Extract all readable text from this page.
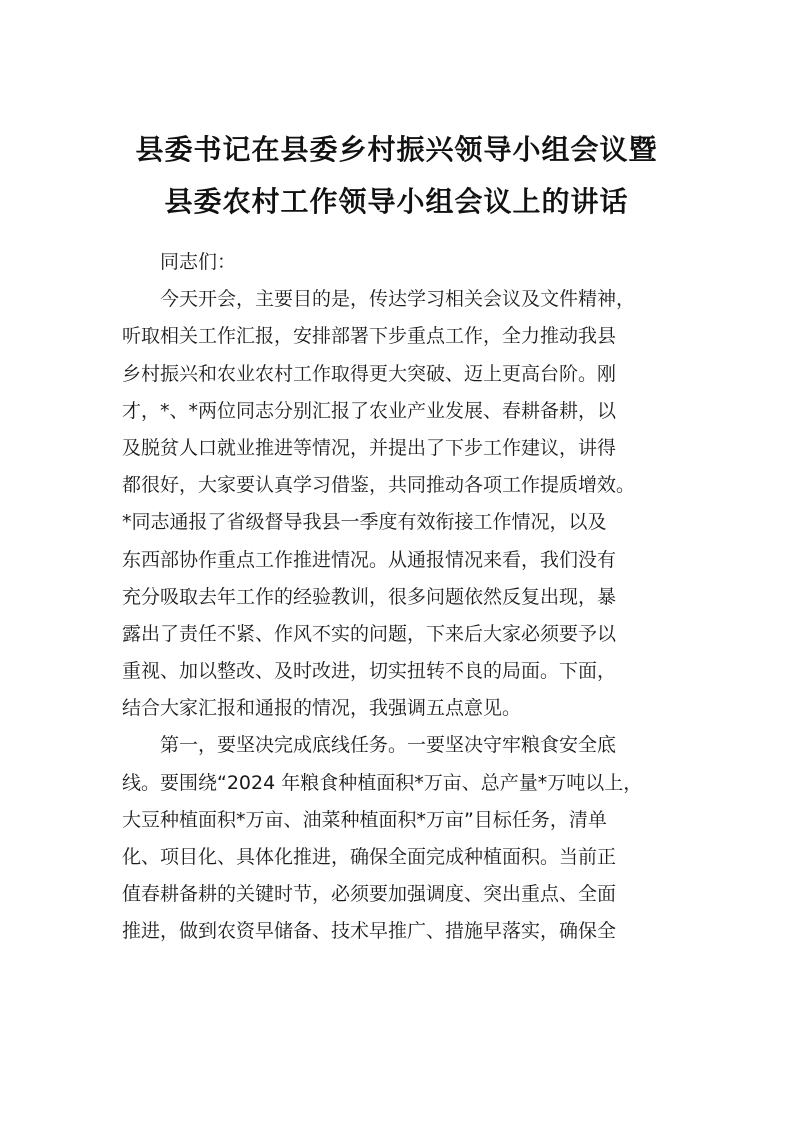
县委书记在县委乡村振兴领导小组会议暨
县委农村工作领导小组会议上的讲话
　　同志们：
　　今天开会，主要目的是，传达学习相关会议及文件精神，
听取相关工作汇报，安排部署下步重点工作，全力推动我县
乡村振兴和农业农村工作取得更大突破、迈上更高台阶。刚
才，*、*两位同志分别汇报了农业产业发展、春耕备耕，以
及脱贫人口就业推进等情况，并提出了下步工作建议，讲得
都很好，大家要认真学习借鉴，共同推动各项工作提质增效。
*同志通报了省级督导我县一季度有效衔接工作情况，以及
东西部协作重点工作推进情况。从通报情况来看，我们没有
充分吸取去年工作的经验教训，很多问题依然反复出现，暴
露出了责任不紧、作风不实的问题，下来后大家必须要予以
重视、加以整改、及时改进，切实扭转不良的局面。下面，
结合大家汇报和通报的情况，我强调五点意见。
　　第一，要坚决完成底线任务。一要坚决守牢粮食安全底
线。要围绕“2024 年粮食种植面积*万亩、总产量*万吨以上，
大豆种植面积*万亩、油菜种植面积*万亩”目标任务，清单
化、项目化、具体化推进，确保全面完成种植面积。当前正
值春耕备耕的关键时节，必须要加强调度、突出重点、全面
推进，做到农资早储备、技术早推广、措施早落实，确保全
